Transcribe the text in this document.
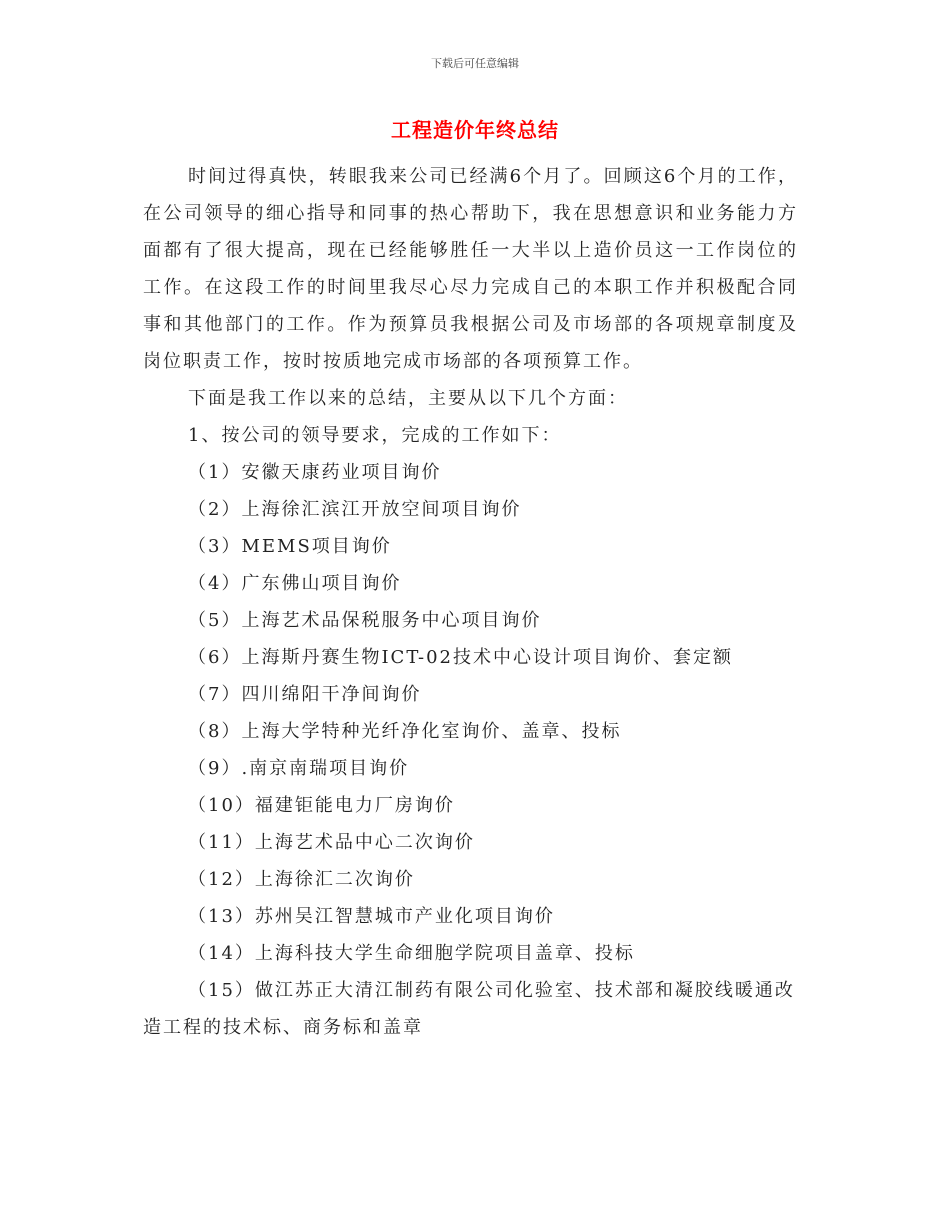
下载后可任意编辑
工程造价年终总结

时间过得真快，转眼我来公司已经满6个月了。回顾这6个月的工作，在公司领导的细心指导和同事的热心帮助下，我在思想意识和业务能力方面都有了很大提高，现在已经能够胜任一大半以上造价员这一工作岗位的工作。在这段工作的时间里我尽心尽力完成自己的本职工作并积极配合同事和其他部门的工作。作为预算员我根据公司及市场部的各项规章制度及岗位职责工作，按时按质地完成市场部的各项预算工作。

下面是我工作以来的总结，主要从以下几个方面：

1、按公司的领导要求，完成的工作如下：

（1）安徽天康药业项目询价

（2）上海徐汇滨江开放空间项目询价

（3）MEMS项目询价

（4）广东佛山项目询价

（5）上海艺术品保税服务中心项目询价

（6）上海斯丹赛生物ICT-02技术中心设计项目询价、套定额

（7）四川绵阳干净间询价

（8）上海大学特种光纤净化室询价、盖章、投标

（9）.南京南瑞项目询价

（10）福建钜能电力厂房询价

（11）上海艺术品中心二次询价

（12）上海徐汇二次询价

（13）苏州吴江智慧城市产业化项目询价

（14）上海科技大学生命细胞学院项目盖章、投标

（15）做江苏正大清江制药有限公司化验室、技术部和凝胶线暖通改造工程的技术标、商务标和盖章
